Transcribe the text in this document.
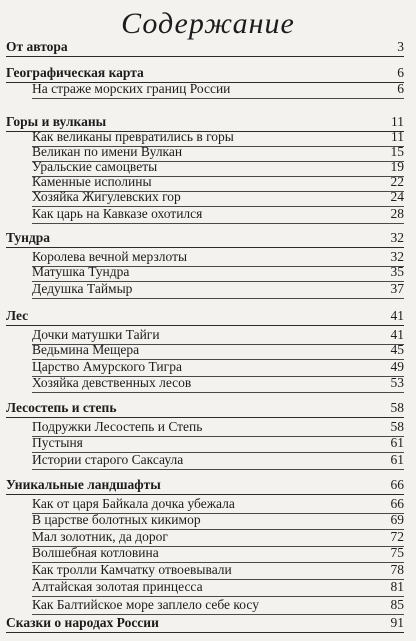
Содержание
От автора	3
Географическая карта	6
На страже морских границ России	6
Горы и вулканы	11
Как великаны превратились в горы	11
Великан по имени Вулкан	15
Уральские самоцветы	19
Каменные исполины	22
Хозяйка Жигулевских гор	24
Как царь на Кавказе охотился	28
Тундра	32
Королева вечной мерзлоты	32
Матушка Тундра	35
Дедушка Таймыр	37
Лес	41
Дочки матушки Тайги	41
Ведьмина Мещера	45
Царство Амурского Тигра	49
Хозяйка девственных лесов	53
Лесостепь и степь	58
Подружки Лесостепь и Степь	58
Пустыня	61
Истории старого Саксаула	61
Уникальные ландшафты	66
Как от царя Байкала дочка убежала	66
В царстве болотных кикимор	69
Мал золотник, да дорог	72
Волшебная котловина	75
Как тролли Камчатку отвоевывали	78
Алтайская золотая принцесса	81
Как Балтийское море заплело себе косу	85
Сказки о народах России	91
